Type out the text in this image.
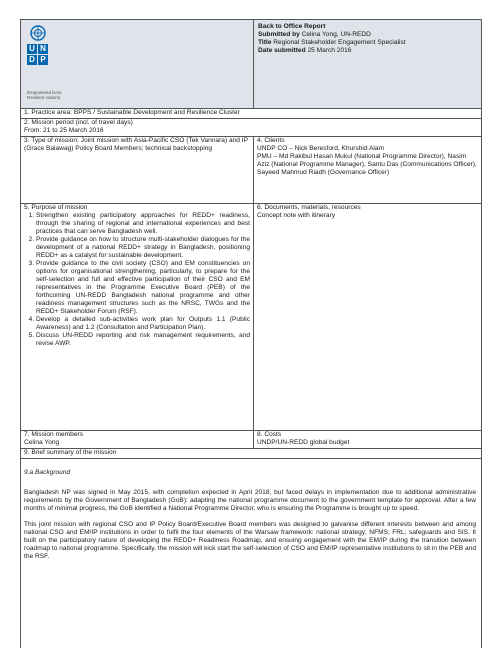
U N
D P
Empowered lives. Resilient nations.
Back to Office Report
Submitted by Celina Yong, UN-REDD
Title Regional Stakeholder Engagement Specialist
Date submitted 25 March 2016
1. Practice area: BPPS / Sustainable Development and Resilience Cluster
2. Mission period (incl. of travel days)
From: 21 to 25 March 2016
3. Type of mission: Joint mission with Asia-Pacific CSO (Tek Vannara) and IP (Grace Balawag) Policy Board Members; technical backstopping
4. Clients
UNDP CO – Nick Beresford, Khurshid Alam
PMU – Md Rakibul Hasan Mukul (National Programme Director), Nasim Aziz (National Programme Manager), Santu Das (Communications Officer), Sayeed Mahmud Riadh (Governance Officer)
5. Purpose of mission
1. Strengthen existing participatory approaches for REDD+ readiness, through the sharing of regional and international experiences and best practices that can serve Bangladesh well.
2. Provide guidance on how to structure multi-stakeholder dialogues for the development of a national REDD+ strategy in Bangladesh, positioning REDD+ as a catalyst for sustainable development.
3. Provide guidance to the civil society (CSO) and EM constituencies on options for organisational strengthening, particularly, to prepare for the self-selection and full and effective participation of their CSO and EM representatives in the Programme Executive Board (PEB) of the forthcoming UN-REDD Bangladesh national programme and other readiness management structures such as the NRSC, TWGs and the REDD+ Stakeholder Forum (RSF).
4. Develop a detailed sub-activities work plan for Outputs 1.1 (Public Awareness) and 1.2 (Consultation and Participation Plan).
5. Discuss UN-REDD reporting and risk management requirements, and revise AWP.
6. Documents, materials, resources
Concept note with itinerary
7. Mission members
Celina Yong
8. Costs
UNDP/UN-REDD global budget
9. Brief summary of the mission

9.a Background

Bangladesh NP was signed in May 2015, with completion expected in April 2018, but faced delays in implementation due to additional administrative requirements by the Government of Bangladesh (GoB): adapting the national programme document to the government template for approval. After a few months of minimal progress, the GoB identified a National Programme Director, who is ensuring the Programme is brought up to speed.

This joint mission with regional CSO and IP Policy Board/Executive Board members was designed to galvanise different interests between and among national CSO and EM/IP institutions in order to fulfil the four elements of the Warsaw framework: national strategy; NFMS; FRL; safeguards and SIS. It built on the participatory nature of developing the REDD+ Readiness Roadmap, and ensuing engagement with the EM/IP during the transition between roadmap to national programme. Specifically, the mission will kick start the self-selection of CSO and EM/IP representative institutions to sit in the PEB and the RSF.
